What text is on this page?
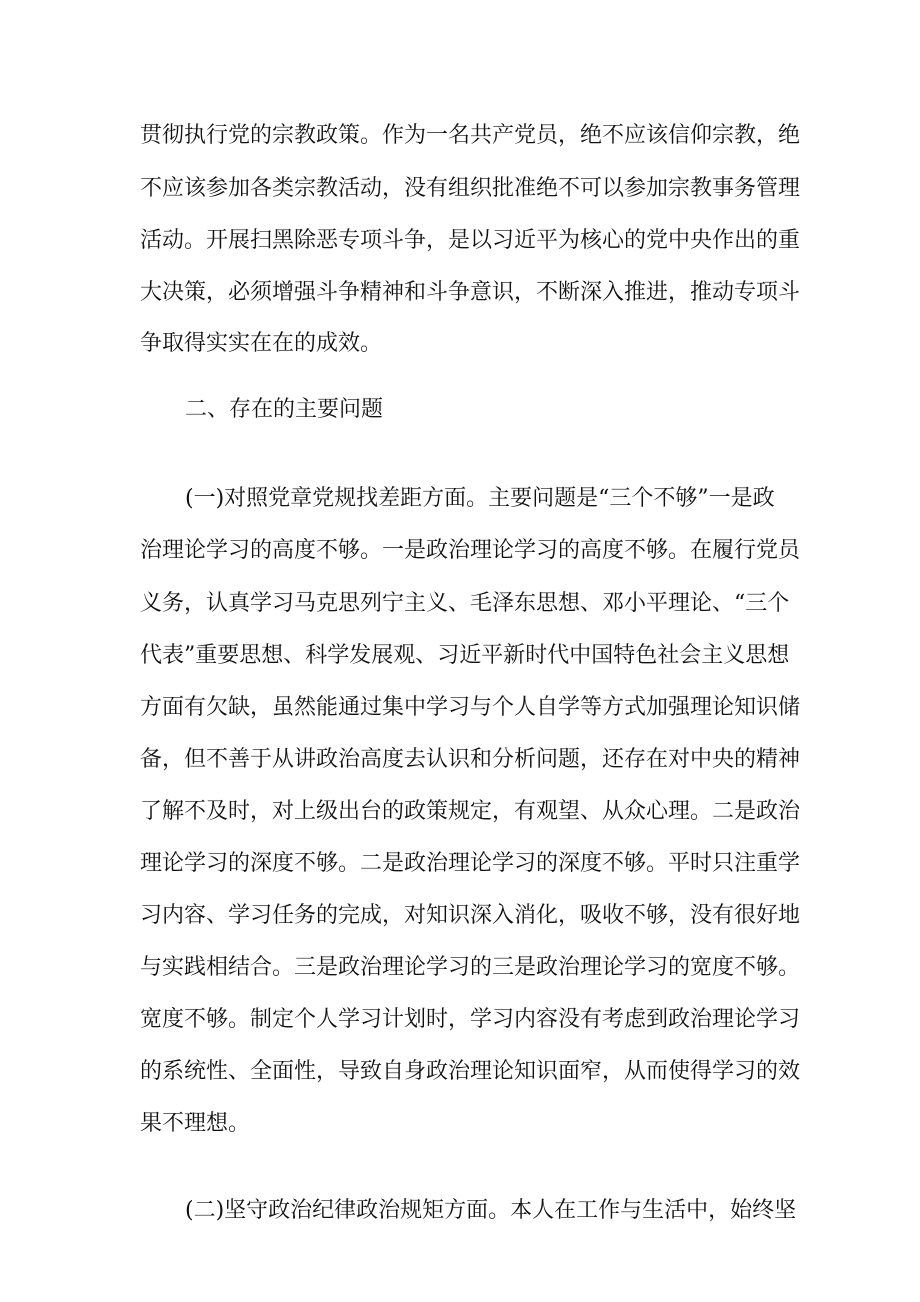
贯彻执行党的宗教政策。作为一名共产党员，绝不应该信仰宗教，绝
不应该参加各类宗教活动，没有组织批准绝不可以参加宗教事务管理
活动。开展扫黑除恶专项斗争，是以习近平为核心的党中央作出的重
大决策，必须增强斗争精神和斗争意识，不断深入推进，推动专项斗
争取得实实在在的成效。
二、存在的主要问题
(一)对照党章党规找差距方面。主要问题是“三个不够”一是政
治理论学习的高度不够。一是政治理论学习的高度不够。在履行党员
义务，认真学习马克思列宁主义、毛泽东思想、邓小平理论、“三个
代表”重要思想、科学发展观、习近平新时代中国特色社会主义思想
方面有欠缺，虽然能通过集中学习与个人自学等方式加强理论知识储
备，但不善于从讲政治高度去认识和分析问题，还存在对中央的精神
了解不及时，对上级出台的政策规定，有观望、从众心理。二是政治
理论学习的深度不够。二是政治理论学习的深度不够。平时只注重学
习内容、学习任务的完成，对知识深入消化，吸收不够，没有很好地
与实践相结合。三是政治理论学习的三是政治理论学习的宽度不够。
宽度不够。制定个人学习计划时，学习内容没有考虑到政治理论学习
的系统性、全面性，导致自身政治理论知识面窄，从而使得学习的效
果不理想。
(二)坚守政治纪律政治规矩方面。本人在工作与生活中，始终坚
